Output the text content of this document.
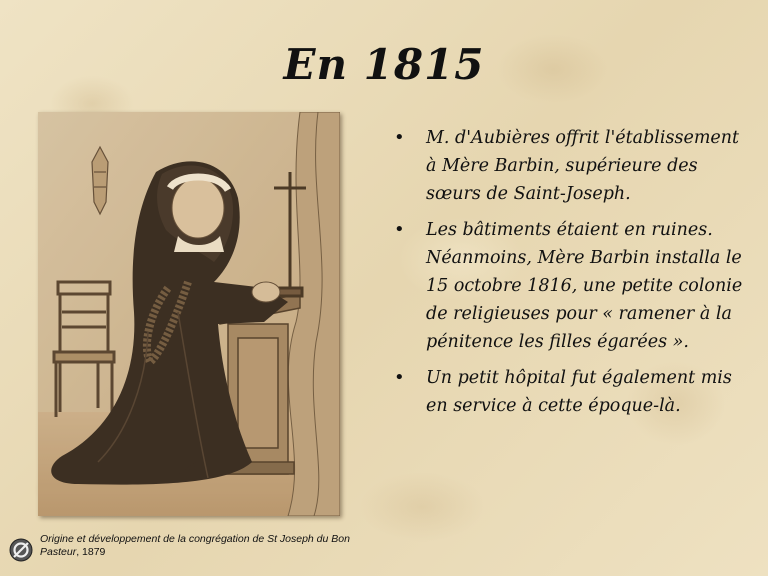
En 1815
• M. d'Aubières offrit l'établissement à Mère Barbin, supérieure des sœurs de Saint-Joseph.
• Les bâtiments étaient en ruines. Néanmoins, Mère Barbin installa le 15 octobre 1816, une petite colonie de religieuses pour « ramener à la pénitence les filles égarées ».
• Un petit hôpital fut également mis en service à cette époque-là.
Origine et développement de la congrégation de St Joseph du Bon Pasteur, 1879
